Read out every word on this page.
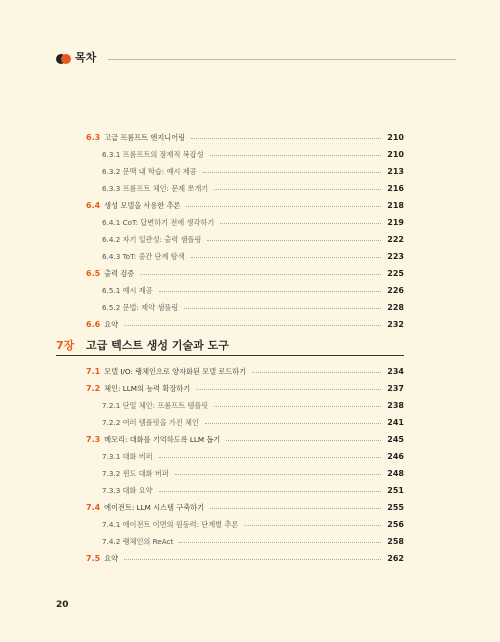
목차
6.3 고급 프롬프트 엔지니어링	210
6.3.1 프롬프트의 잠재적 복잡성	210
6.3.2 문맥 내 학습: 예시 제공	213
6.3.3 프롬프트 체인: 문제 쪼개기	216
6.4 생성 모델을 사용한 추론	218
6.4.1 CoT: 답변하기 전에 생각하기	219
6.4.2 자기 일관성: 출력 샘플링	222
6.4.3 ToT: 중간 단계 탐색	223
6.5 출력 검증	225
6.5.1 예시 제공	226
6.5.2 문법: 제약 샘플링	228
6.6 요약	232
7장 고급 텍스트 생성 기술과 도구
7.1 모델 I/O: 랭체인으로 양자화된 모델 로드하기	234
7.2 체인: LLM의 능력 확장하기	237
7.2.1 단일 체인: 프롬프트 템플릿	238
7.2.2 여러 템플릿을 가진 체인	241
7.3 메모리: 대화를 기억하도록 LLM 돕기	245
7.3.1 대화 버퍼	246
7.3.2 윈도 대화 버퍼	248
7.3.3 대화 요약	251
7.4 에이전트: LLM 시스템 구축하기	255
7.4.1 에이전트 이면의 원동력: 단계별 추론	256
7.4.2 랭체인의 ReAct	258
7.5 요약	262
20
